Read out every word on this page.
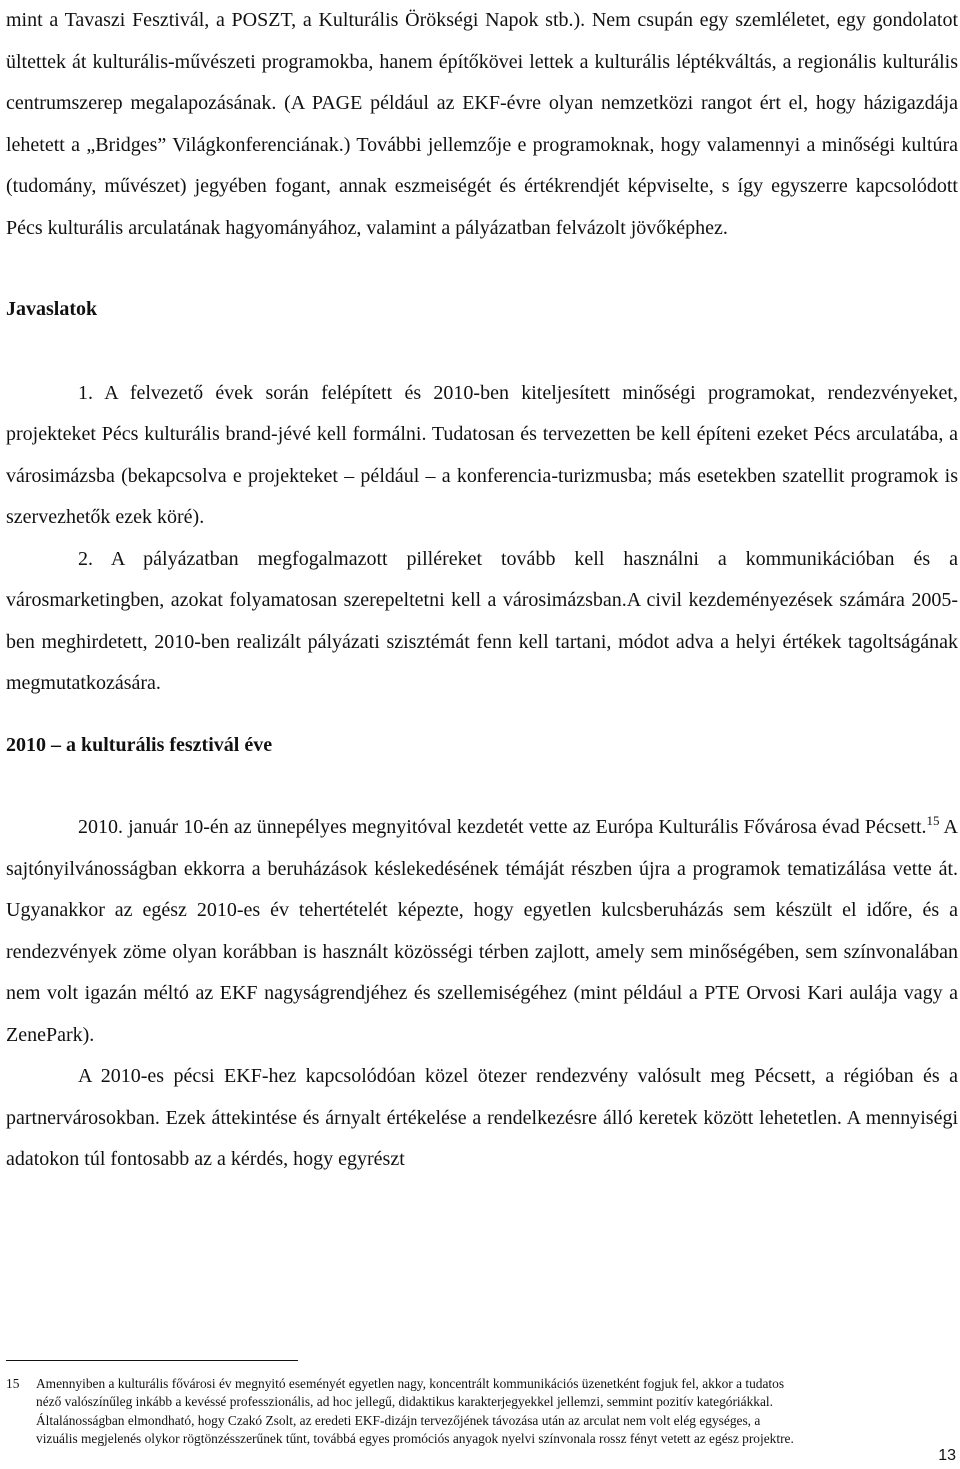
mint a Tavaszi Fesztivál, a POSZT, a Kulturális Örökségi Napok stb.). Nem csupán egy szemléletet, egy gondolatot ültettek át kulturális-művészeti programokba, hanem építőkövei lettek a kulturális léptékváltás, a regionális kulturális centrumszerep megalapozásának. (A PAGE például az EKF-évre olyan nemzetközi rangot ért el, hogy házigazdája lehetett a „Bridges” Világkonferenciának.) További jellemzője e programoknak, hogy valamennyi a minőségi kultúra (tudomány, művészet) jegyében fogant, annak eszmeiségét és értékrendjét képviselte, s így egyszerre kapcsolódott Pécs kulturális arculatának hagyományához, valamint a pályázatban felvázolt jövőképhez.

Javaslatok

1. A felvezető évek során felépített és 2010-ben kiteljesített minőségi programokat, rendezvényeket, projekteket Pécs kulturális brand-jévé kell formálni. Tudatosan és tervezetten be kell építeni ezeket Pécs arculatába, a városimázsba (bekapcsolva e projekteket – például – a konferencia-turizmusba; más esetekben szatellit programok is szervezhetők ezek köré).

2. A pályázatban megfogalmazott pilléreket tovább kell használni a kommunikációban és a városmarketingben, azokat folyamatosan szerepeltetni kell a városimázsban.A civil kezdeményezések számára 2005-ben meghirdetett, 2010-ben realizált pályázati szisztémát fenn kell tartani, módot adva a helyi értékek tagoltságának megmutatkozására.

2010 – a kulturális fesztivál éve

2010. január 10-én az ünnepélyes megnyitóval kezdetét vette az Európa Kulturális Fővárosa évad Pécsett.$^{15}$ A sajtónyilvánosságban ekkorra a beruházások késlekedésének témáját részben újra a programok tematizálása vette át. Ugyanakkor az egész 2010-es év tehertételét képezte, hogy egyetlen kulcsberuházás sem készült el időre, és a rendezvények zöme olyan korábban is használt közösségi térben zajlott, amely sem minőségében, sem színvonalában nem volt igazán méltó az EKF nagyságrendjéhez és szellemiségéhez (mint például a PTE Orvosi Kari aulája vagy a ZenePark).

A 2010-es pécsi EKF-hez kapcsolódóan közel ötezer rendezvény valósult meg Pécsett, a régióban és a partnervárosokban. Ezek áttekintése és árnyalt értékelése a rendelkezésre álló keretek között lehetetlen. A mennyiségi adatokon túl fontosabb az a kérdés, hogy egyrészt

15 Amennyiben a kulturális fővárosi év megnyitó eseményét egyetlen nagy, koncentrált kommunikációs üzenetként fogjuk fel, akkor a tudatos
néző valószínűleg inkább a kevéssé professzionális, ad hoc jellegű, didaktikus karakterjegyekkel jellemzi, semmint pozitív kategóriákkal.
Általánosságban elmondható, hogy Czakó Zsolt, az eredeti EKF-dizájn tervezőjének távozása után az arculat nem volt elég egységes, a
vizuális megjelenés olykor rögtönzésszerűnek tűnt, továbbá egyes promóciós anyagok nyelvi színvonala rossz fényt vetett az egész projektre.
13
